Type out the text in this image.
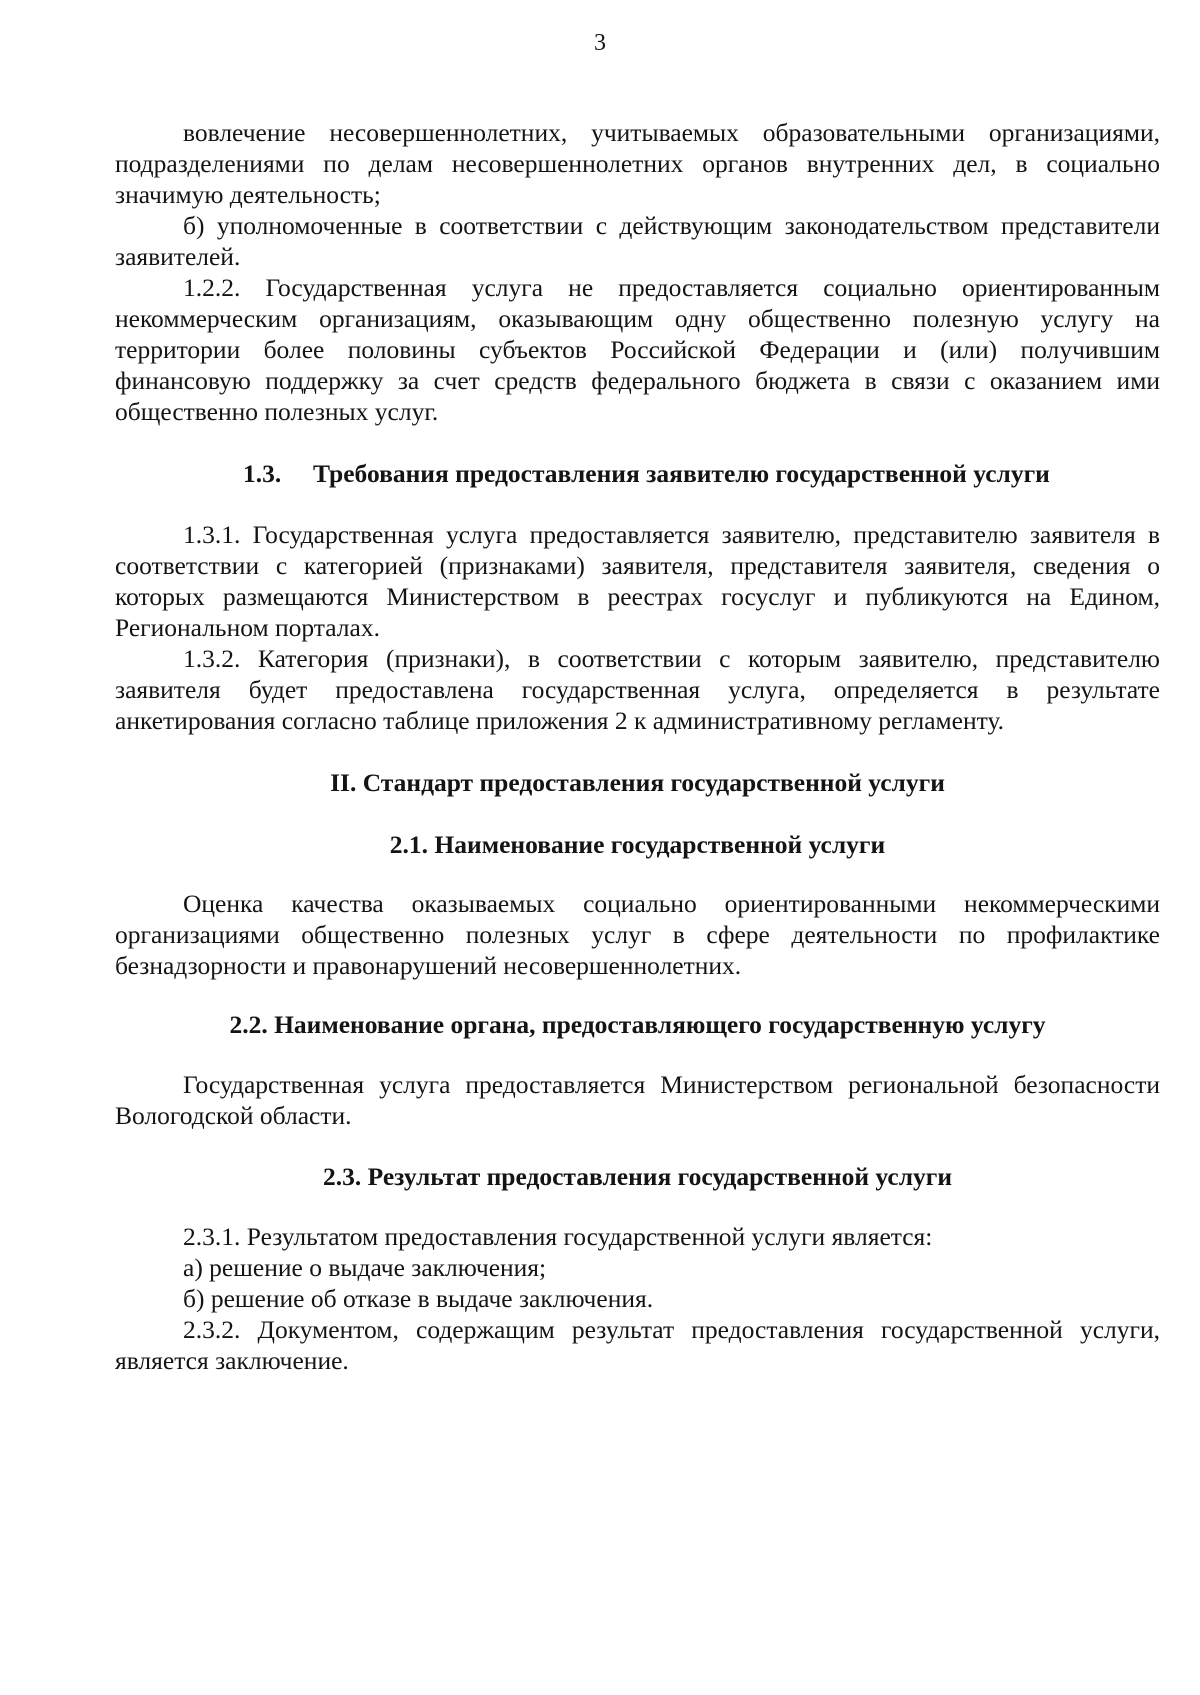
3

вовлечение несовершеннолетних, учитываемых образовательными организациями, подразделениями по делам несовершеннолетних органов внутренних дел, в социально значимую деятельность;

б) уполномоченные в соответствии с действующим законодательством представители заявителей.

1.2.2. Государственная услуга не предоставляется социально ориентированным некоммерческим организациям, оказывающим одну общественно полезную услугу на территории более половины субъектов Российской Федерации и (или) получившим финансовую поддержку за счет средств федерального бюджета в связи с оказанием ими общественно полезных услуг.

1.3. Требования предоставления заявителю государственной услуги

1.3.1. Государственная услуга предоставляется заявителю, представителю заявителя в соответствии с категорией (признаками) заявителя, представителя заявителя, сведения о которых размещаются Министерством в реестрах госуслуг и публикуются на Едином, Региональном порталах.

1.3.2. Категория (признаки), в соответствии с которым заявителю, представителю заявителя будет предоставлена государственная услуга, определяется в результате анкетирования согласно таблице приложения 2 к административному регламенту.

II. Стандарт предоставления государственной услуги
2.1. Наименование государственной услуги

Оценка качества оказываемых социально ориентированными некоммерческими организациями общественно полезных услуг в сфере деятельности по профилактике безнадзорности и правонарушений несовершеннолетних.

2.2. Наименование органа, предоставляющего государственную услугу

Государственная услуга предоставляется Министерством региональной безопасности Вологодской области.

2.3. Результат предоставления государственной услуги

2.3.1. Результатом предоставления государственной услуги является:

а) решение о выдаче заключения;

б) решение об отказе в выдаче заключения.

2.3.2. Документом, содержащим результат предоставления государственной услуги, является заключение.
